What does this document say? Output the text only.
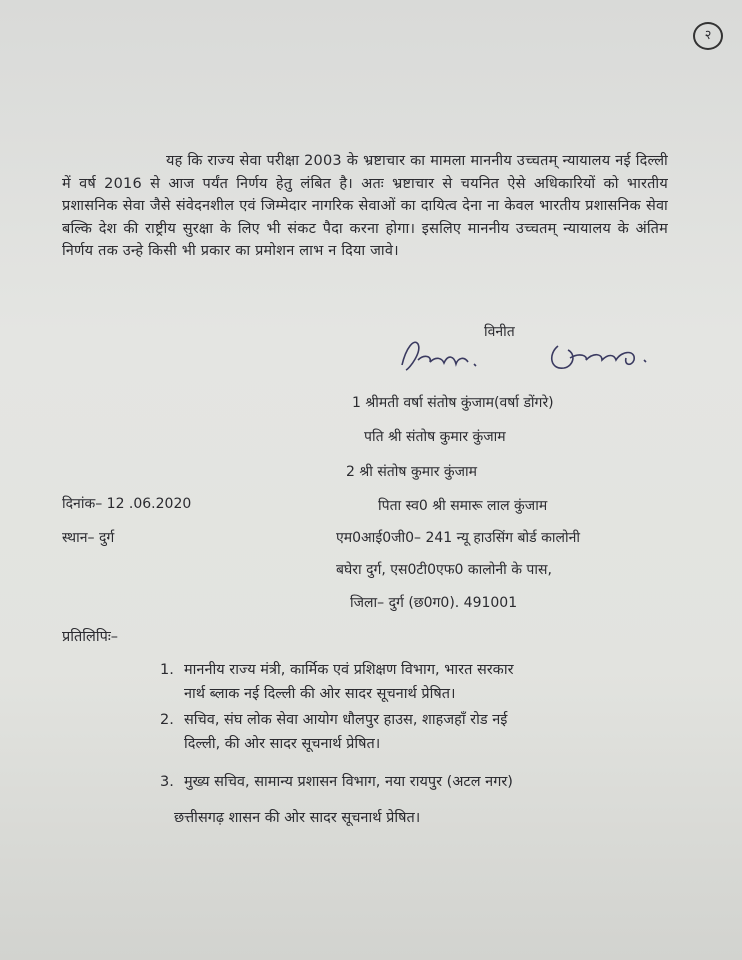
२
यह कि राज्य सेवा परीक्षा 2003 के भ्रष्टाचार का मामला माननीय उच्चतम् न्यायालय नई दिल्ली में वर्ष 2016 से आज पर्यंत निर्णय हेतु लंबित है। अतः भ्रष्टाचार से चयनित ऐसे अधिकारियों को भारतीय प्रशासनिक सेवा जैसे संवेदनशील एवं जिम्मेदार नागरिक सेवाओं का दायित्व देना ना केवल भारतीय प्रशासनिक सेवा बल्कि देश की राष्ट्रीय सुरक्षा के लिए भी संकट पैदा करना होगा। इसलिए माननीय उच्चतम् न्यायालय के अंतिम निर्णय तक उन्हे किसी भी प्रकार का प्रमोशन लाभ न दिया जावे।
विनीत
1 श्रीमती वर्षा संतोष कुंजाम(वर्षा डोंगरे)
पति श्री संतोष कुमार कुंजाम
2 श्री संतोष कुमार कुंजाम
दिनांक– 12 .06.2020	पिता स्व0 श्री समारू लाल कुंजाम
स्थान– दुर्ग	एम0आई0जी0– 241 न्यू हाउसिंग बोर्ड कालोनी
बघेरा दुर्ग, एस0टी0एफ0 कालोनी के पास,
जिला– दुर्ग (छ0ग0). 491001
प्रतिलिपिः–
1. माननीय राज्य मंत्री, कार्मिक एवं प्रशिक्षण विभाग, भारत सरकार
नार्थ ब्लाक नई दिल्ली की ओर सादर सूचनार्थ प्रेषित।
2. सचिव, संघ लोक सेवा आयोग धौलपुर हाउस, शाहजहाँ रोड नई
दिल्ली, की ओर सादर सूचनार्थ प्रेषित।
3. मुख्य सचिव, सामान्य प्रशासन विभाग, नया रायपुर (अटल नगर)
छत्तीसगढ़ शासन की ओर सादर सूचनार्थ प्रेषित।
